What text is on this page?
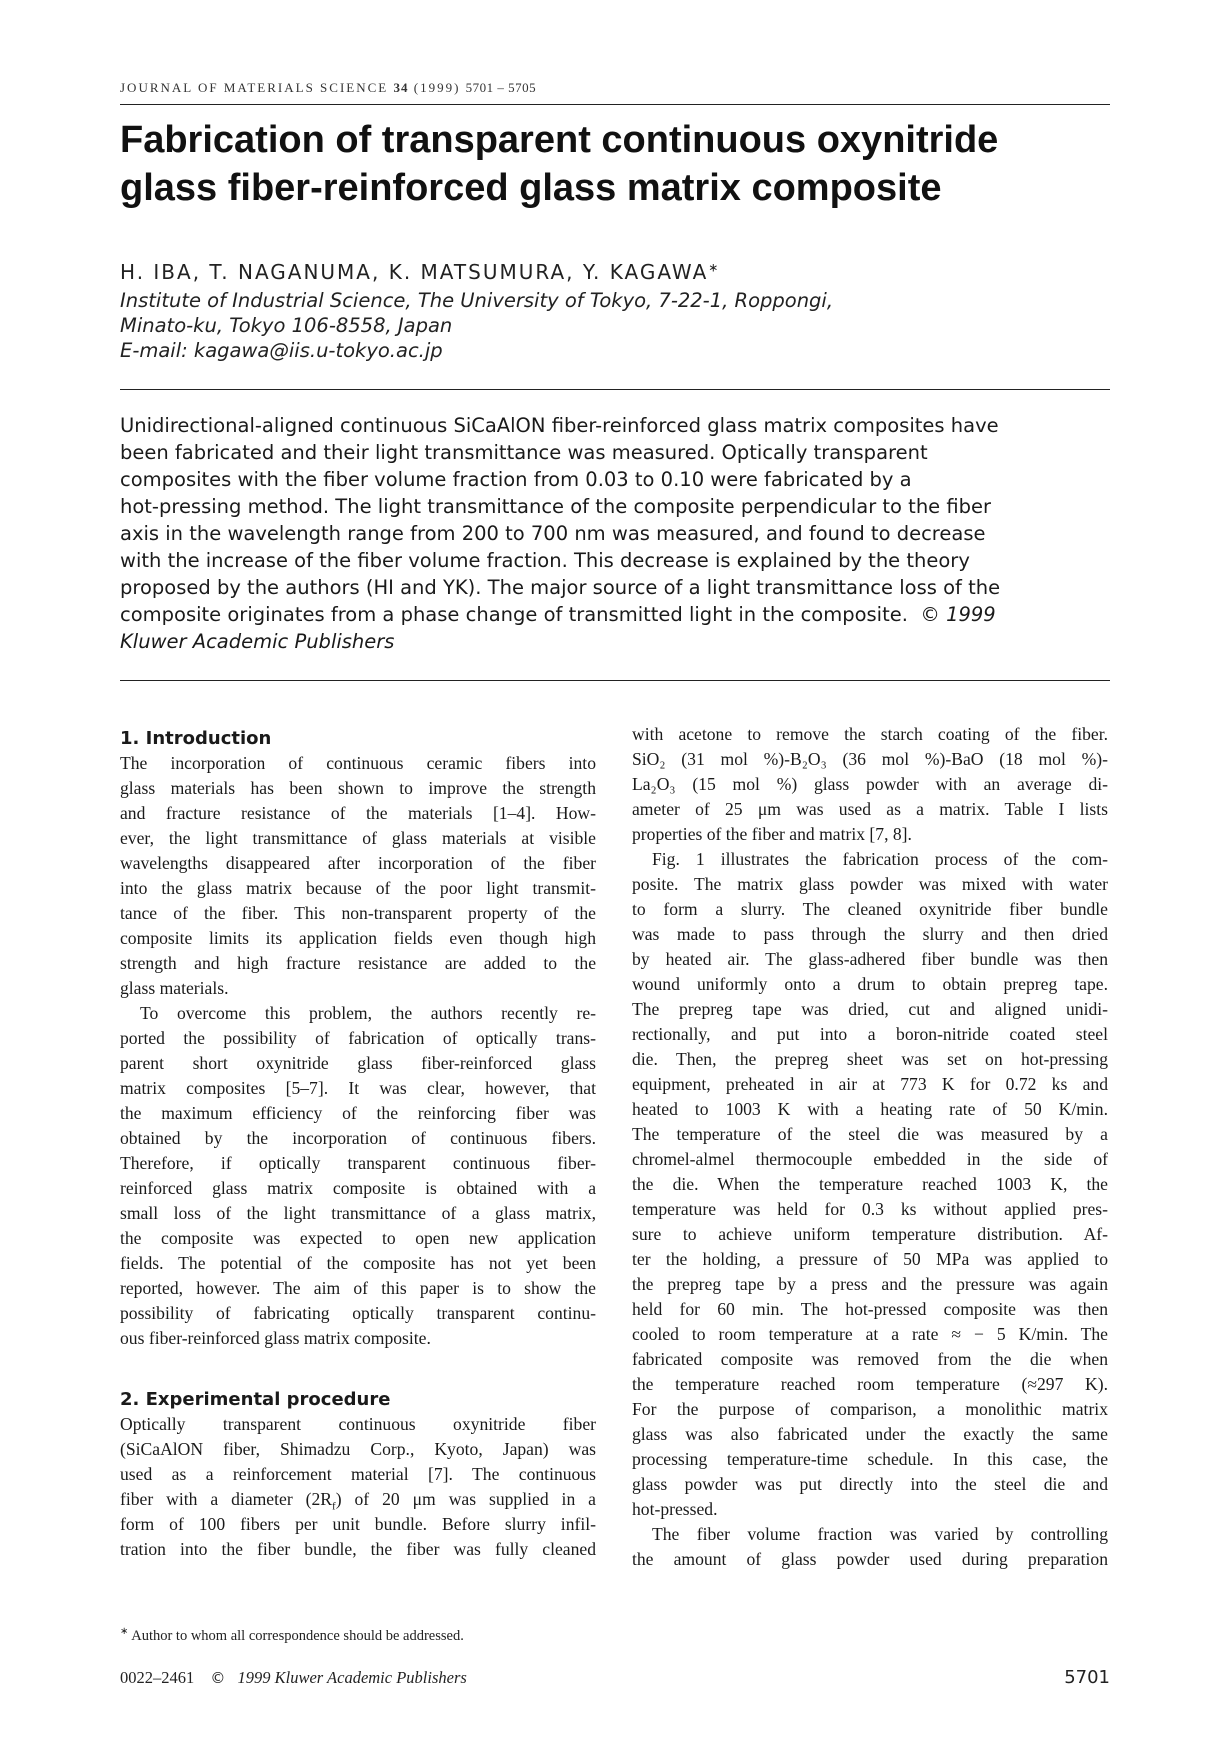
JOURNAL OF MATERIALS SCIENCE 34 (1999) 5701 – 5705
Fabrication of transparent continuous oxynitride
glass fiber-reinforced glass matrix composite
H. IBA, T. NAGANUMA, K. MATSUMURA, Y. KAGAWA∗
Institute of Industrial Science, The University of Tokyo, 7-22-1, Roppongi,
Minato-ku, Tokyo 106-8558, Japan
E-mail: kagawa@iis.u-tokyo.ac.jp
Unidirectional-aligned continuous SiCaAlON fiber-reinforced glass matrix composites have
been fabricated and their light transmittance was measured. Optically transparent
composites with the fiber volume fraction from 0.03 to 0.10 were fabricated by a
hot-pressing method. The light transmittance of the composite perpendicular to the fiber
axis in the wavelength range from 200 to 700 nm was measured, and found to decrease
with the increase of the fiber volume fraction. This decrease is explained by the theory
proposed by the authors (HI and YK). The major source of a light transmittance loss of the
composite originates from a phase change of transmitted light in the composite. © 1999
Kluwer Academic Publishers
1. Introduction
The incorporation of continuous ceramic fibers into
glass materials has been shown to improve the strength
and fracture resistance of the materials [1–4]. How-
ever, the light transmittance of glass materials at visible
wavelengths disappeared after incorporation of the fiber
into the glass matrix because of the poor light transmit-
tance of the fiber. This non-transparent property of the
composite limits its application fields even though high
strength and high fracture resistance are added to the
glass materials.
To overcome this problem, the authors recently re-
ported the possibility of fabrication of optically trans-
parent short oxynitride glass fiber-reinforced glass
matrix composites [5–7]. It was clear, however, that
the maximum efficiency of the reinforcing fiber was
obtained by the incorporation of continuous fibers.
Therefore, if optically transparent continuous fiber-
reinforced glass matrix composite is obtained with a
small loss of the light transmittance of a glass matrix,
the composite was expected to open new application
fields. The potential of the composite has not yet been
reported, however. The aim of this paper is to show the
possibility of fabricating optically transparent continu-
ous fiber-reinforced glass matrix composite.
2. Experimental procedure
Optically transparent continuous oxynitride fiber
(SiCaAlON fiber, Shimadzu Corp., Kyoto, Japan) was
used as a reinforcement material [7]. The continuous
fiber with a diameter $(2R_f)$ of 20 μm was supplied in a
form of 100 fibers per unit bundle. Before slurry infil-
tration into the fiber bundle, the fiber was fully cleaned
with acetone to remove the starch coating of the fiber.
SiO₂ (31 mol %)-B₂O₃ (36 mol %)-BaO (18 mol %)-
La₂O₃ (15 mol %) glass powder with an average di-
ameter of 25 μm was used as a matrix. Table I lists
properties of the fiber and matrix [7, 8].
Fig. 1 illustrates the fabrication process of the com-
posite. The matrix glass powder was mixed with water
to form a slurry. The cleaned oxynitride fiber bundle
was made to pass through the slurry and then dried
by heated air. The glass-adhered fiber bundle was then
wound uniformly onto a drum to obtain prepreg tape.
The prepreg tape was dried, cut and aligned unidi-
rectionally, and put into a boron-nitride coated steel
die. Then, the prepreg sheet was set on hot-pressing
equipment, preheated in air at 773 K for 0.72 ks and
heated to 1003 K with a heating rate of 50 K/min.
The temperature of the steel die was measured by a
chromel-almel thermocouple embedded in the side of
the die. When the temperature reached 1003 K, the
temperature was held for 0.3 ks without applied pres-
sure to achieve uniform temperature distribution. Af-
ter the holding, a pressure of 50 MPa was applied to
the prepreg tape by a press and the pressure was again
held for 60 min. The hot-pressed composite was then
cooled to room temperature at a rate ≈ − 5 K/min. The
fabricated composite was removed from the die when
the temperature reached room temperature (≈297 K).
For the purpose of comparison, a monolithic matrix
glass was also fabricated under the exactly the same
processing temperature-time schedule. In this case, the
glass powder was put directly into the steel die and
hot-pressed.
The fiber volume fraction was varied by controlling
the amount of glass powder used during preparation
∗ Author to whom all correspondence should be addressed.
0022–2461 © 1999 Kluwer Academic Publishers	5701
